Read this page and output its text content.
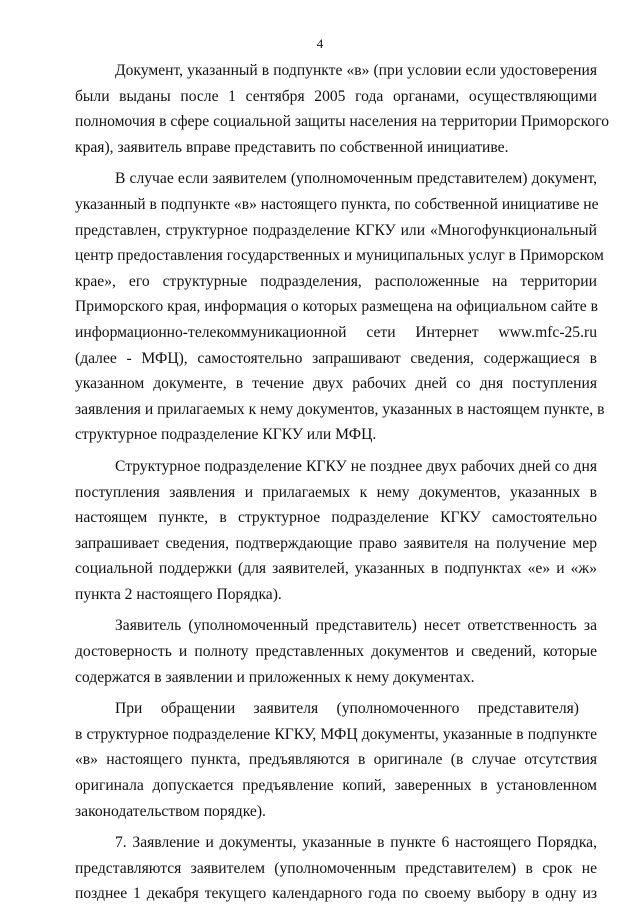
4

Документ, указанный в подпункте «в» (при условии если удостоверения
были выданы после 1 сентября 2005 года органами, осуществляющими
полномочия в сфере социальной защиты населения на территории Приморского
края), заявитель вправе представить по собственной инициативе.

В случае если заявителем (уполномоченным представителем) документ,
указанный в подпункте «в» настоящего пункта, по собственной инициативе не
представлен, структурное подразделение КГКУ или «Многофункциональный
центр предоставления государственных и муниципальных услуг в Приморском
крае», его структурные подразделения, расположенные на территории
Приморского края, информация о которых размещена на официальном сайте в
информационно-телекоммуникационной сети Интернет www.mfc-25.ru
(далее - МФЦ), самостоятельно запрашивают сведения, содержащиеся в
указанном документе, в течение двух рабочих дней со дня поступления
заявления и прилагаемых к нему документов, указанных в настоящем пункте, в
структурное подразделение КГКУ или МФЦ.

Структурное подразделение КГКУ не позднее двух рабочих дней со дня
поступления заявления и прилагаемых к нему документов, указанных в
настоящем пункте, в структурное подразделение КГКУ самостоятельно
запрашивает сведения, подтверждающие право заявителя на получение мер
социальной поддержки (для заявителей, указанных в подпунктах «е» и «ж»
пункта 2 настоящего Порядка).

Заявитель (уполномоченный представитель) несет ответственность за
достоверность и полноту представленных документов и сведений, которые
содержатся в заявлении и приложенных к нему документах.

При обращении заявителя (уполномоченного представителя)
в структурное подразделение КГКУ, МФЦ документы, указанные в подпункте
«в» настоящего пункта, предъявляются в оригинале (в случае отсутствия
оригинала допускается предъявление копий, заверенных в установленном
законодательством порядке).

7. Заявление и документы, указанные в пункте 6 настоящего Порядка,
представляются заявителем (уполномоченным представителем) в срок не
позднее 1 декабря текущего календарного года по своему выбору в одну из
